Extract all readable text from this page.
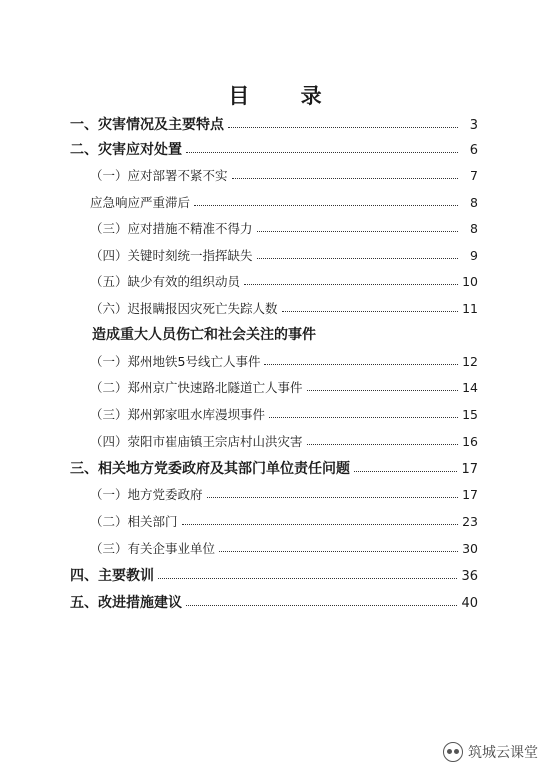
目 录
一、灾害情况及主要特点	3
二、灾害应对处置	6
（一）应对部署不紧不实	7
应急响应严重滞后	8
（三）应对措施不精准不得力	8
（四）关键时刻统一指挥缺失	9
（五）缺少有效的组织动员	10
（六）迟报瞒报因灾死亡失踪人数	11
造成重大人员伤亡和社会关注的事件
（一）郑州地铁5号线亡人事件	12
（二）郑州京广快速路北隧道亡人事件	14
（三）郑州郭家咀水库漫坝事件	15
（四）荥阳市崔庙镇王宗店村山洪灾害	16
三、相关地方党委政府及其部门单位责任问题	17
（一）地方党委政府	17
（二）相关部门	23
（三）有关企事业单位	30
四、主要教训	36
五、改进措施建议	40
筑城云课堂
